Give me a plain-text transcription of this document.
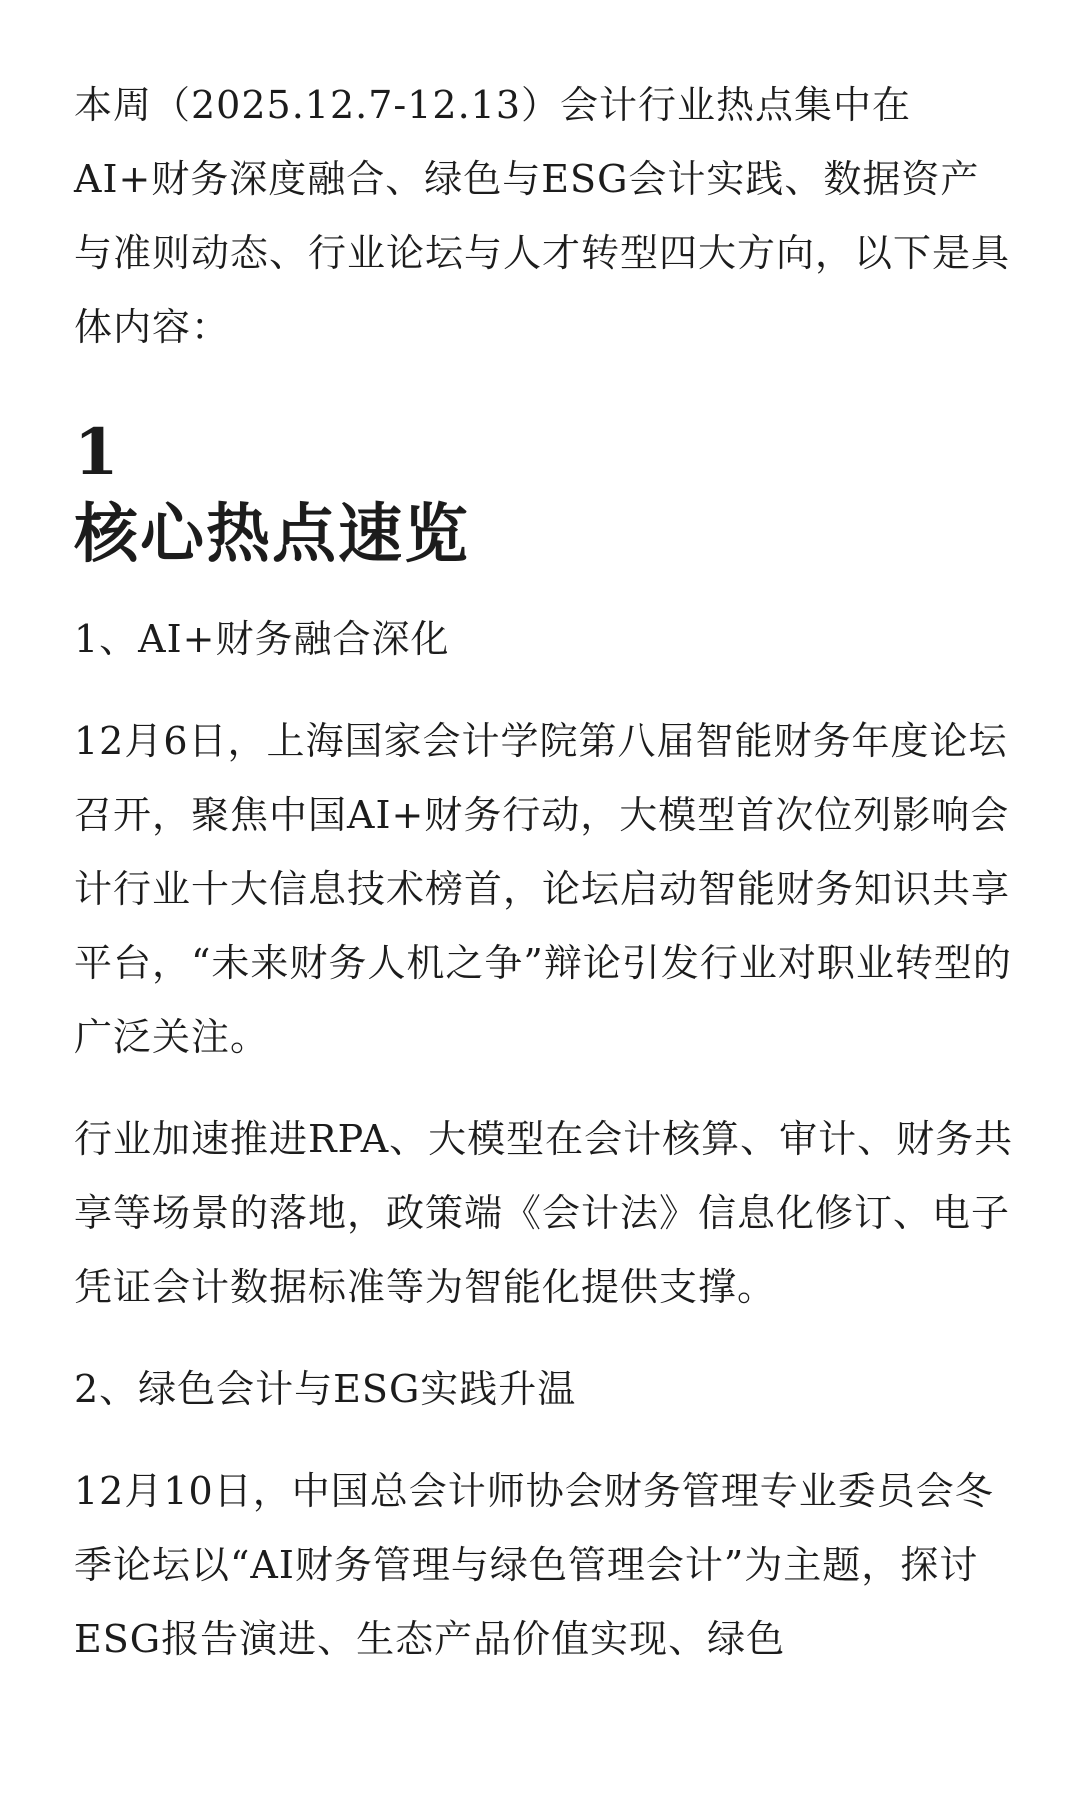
本周（2025.12.7-12.13）会计行业热点集中在AI+财务深度融合、绿色与ESG会计实践、数据资产与准则动态、行业论坛与人才转型四大方向，以下是具体内容：

1
核心热点速览
1、AI+财务融合深化

12月6日，上海国家会计学院第八届智能财务年度论坛召开，聚焦中国AI+财务行动，大模型首次位列影响会计行业十大信息技术榜首，论坛启动智能财务知识共享平台，“未来财务人机之争”辩论引发行业对职业转型的广泛关注。

行业加速推进RPA、大模型在会计核算、审计、财务共享等场景的落地，政策端《会计法》信息化修订、电子凭证会计数据标准等为智能化提供支撑。

2、绿色会计与ESG实践升温

12月10日，中国总会计师协会财务管理专业委员会冬季论坛以“AI财务管理与绿色管理会计”为主题，探讨ESG报告演进、生态产品价值实现、绿色
